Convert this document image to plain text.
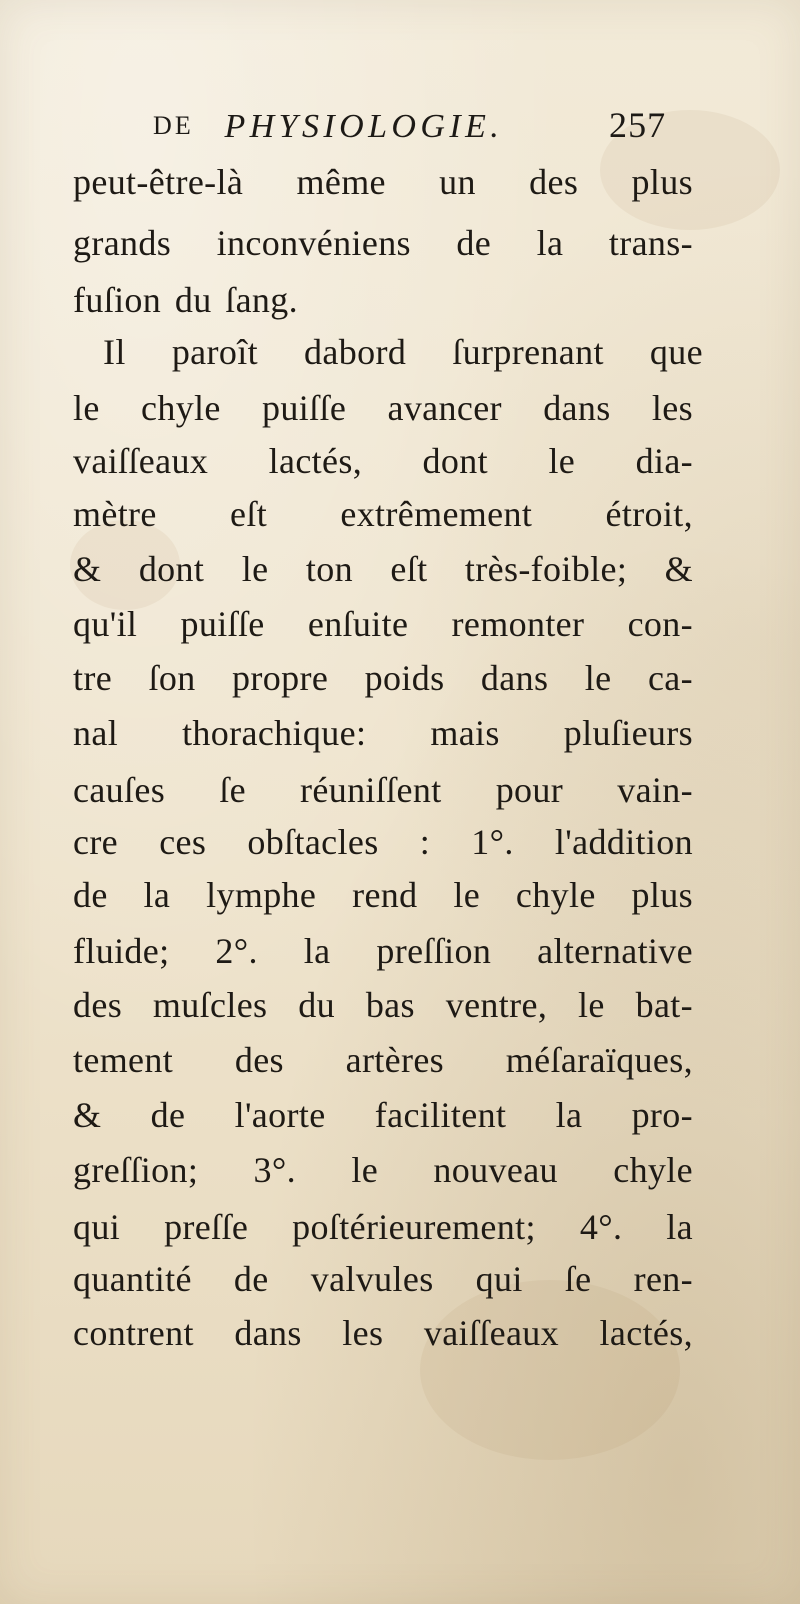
DE PHYSIOLOGIE.	257
peut-être-là même un des plus
grands inconvéniens de la trans-
fuſion du ſang.
Il paroît dabord ſurprenant que
le chyle puiſſe avancer dans les
vaiſſeaux lactés, dont le dia-
mètre eſt extrêmement étroit,
& dont le ton eſt très-foible; &
qu'il puiſſe enſuite remonter con-
tre ſon propre poids dans le ca-
nal thorachique: mais pluſieurs
cauſes ſe réuniſſent pour vain-
cre ces obſtacles : 1°. l'addition
de la lymphe rend le chyle plus
fluide; 2°. la preſſion alternative
des muſcles du bas ventre, le bat-
tement des artères méſaraïques,
& de l'aorte facilitent la pro-
greſſion; 3°. le nouveau chyle
qui preſſe poſtérieurement; 4°. la
quantité de valvules qui ſe ren-
contrent dans les vaiſſeaux lactés,
